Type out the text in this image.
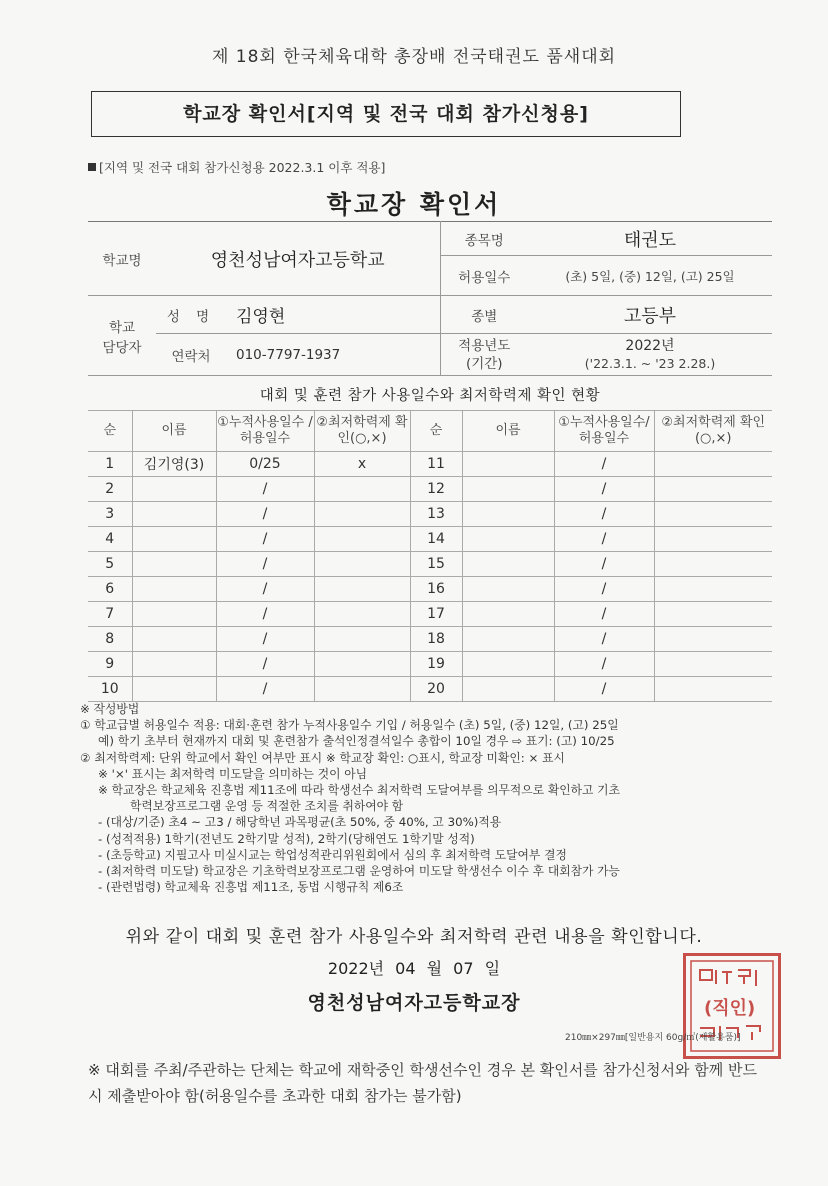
제 18회 한국체육대학 총장배 전국태권도 품새대회
학교장 확인서[지역 및 전국 대회 참가신청용]
[지역 및 전국 대회 참가신청용 2022.3.1 이후 적용]
학교장 확인서
학교명	영천성남여자고등학교		종목명	태권도
			허용일수	(초) 5일, (중) 12일, (고) 25일
학교 담당자	성 명	김영현	종별	고등부
	연락처	010-7797-1937	적용년도 (기간)	2022년
('22.3.1. ~ '23 2.28.)
대회 및 훈련 참가 사용일수와 최저학력제 확인 현황
순	이름	①누적사용일수 /허용일수	②최저학력제 확인(○,×)	순	이름	①누적사용일수/ 허용일수	②최저학력제 확인(○,×)
1	김기영(3)	0/25	x	11		/	
2		/		12		/	
3		/		13		/	
4		/		14		/	
5		/		15		/	
6		/		16		/	
7		/		17		/	
8		/		18		/	
9		/		19		/	
10		/		20		/	
※ 작성방법
① 학교급별 허용일수 적용: 대회·훈련 참가 누적사용일수 기입 / 허용일수 (초) 5일, (중) 12일, (고) 25일
예) 학기 초부터 현재까지 대회 및 훈련참가 출석인정결석일수 총합이 10일 경우 ⇨ 표기: (고) 10/25
② 최저학력제: 단위 학교에서 확인 여부만 표시 ※ 학교장 확인: ○표시, 학교장 미확인: × 표시
※ '×' 표시는 최저학력 미도달을 의미하는 것이 아님
※ 학교장은 학교체육 진흥법 제11조에 따라 학생선수 최저학력 도달여부를 의무적으로 확인하고 기초
학력보장프로그램 운영 등 적절한 조치를 취하여야 함
- (대상/기준) 초4 ~ 고3 / 해당학년 과목평균(초 50%, 중 40%, 고 30%)적용
- (성적적용) 1학기(전년도 2학기말 성적), 2학기(당해연도 1학기말 성적)
- (초등학교) 지필고사 미실시교는 학업성적관리위원회에서 심의 후 최저학력 도달여부 결정
- (최저학력 미도달) 학교장은 기초학력보장프로그램 운영하여 미도달 학생선수 이수 후 대회참가 가능
- (관련법령) 학교체육 진흥법 제11조, 동법 시행규칙 제6조
위와 같이 대회 및 훈련 참가 사용일수와 최저학력 관련 내용을 확인합니다.
2022년 04 월 07 일
영천성남여자고등학교장	(직인)
210㎜×297㎜[일반용지 60g/㎡(재활용품)]
※ 대회를 주최/주관하는 단체는 학교에 재학중인 학생선수인 경우 본 확인서를 참가신청서와 함께 반드시 제출받아야 함(허용일수를 초과한 대회 참가는 불가함)
